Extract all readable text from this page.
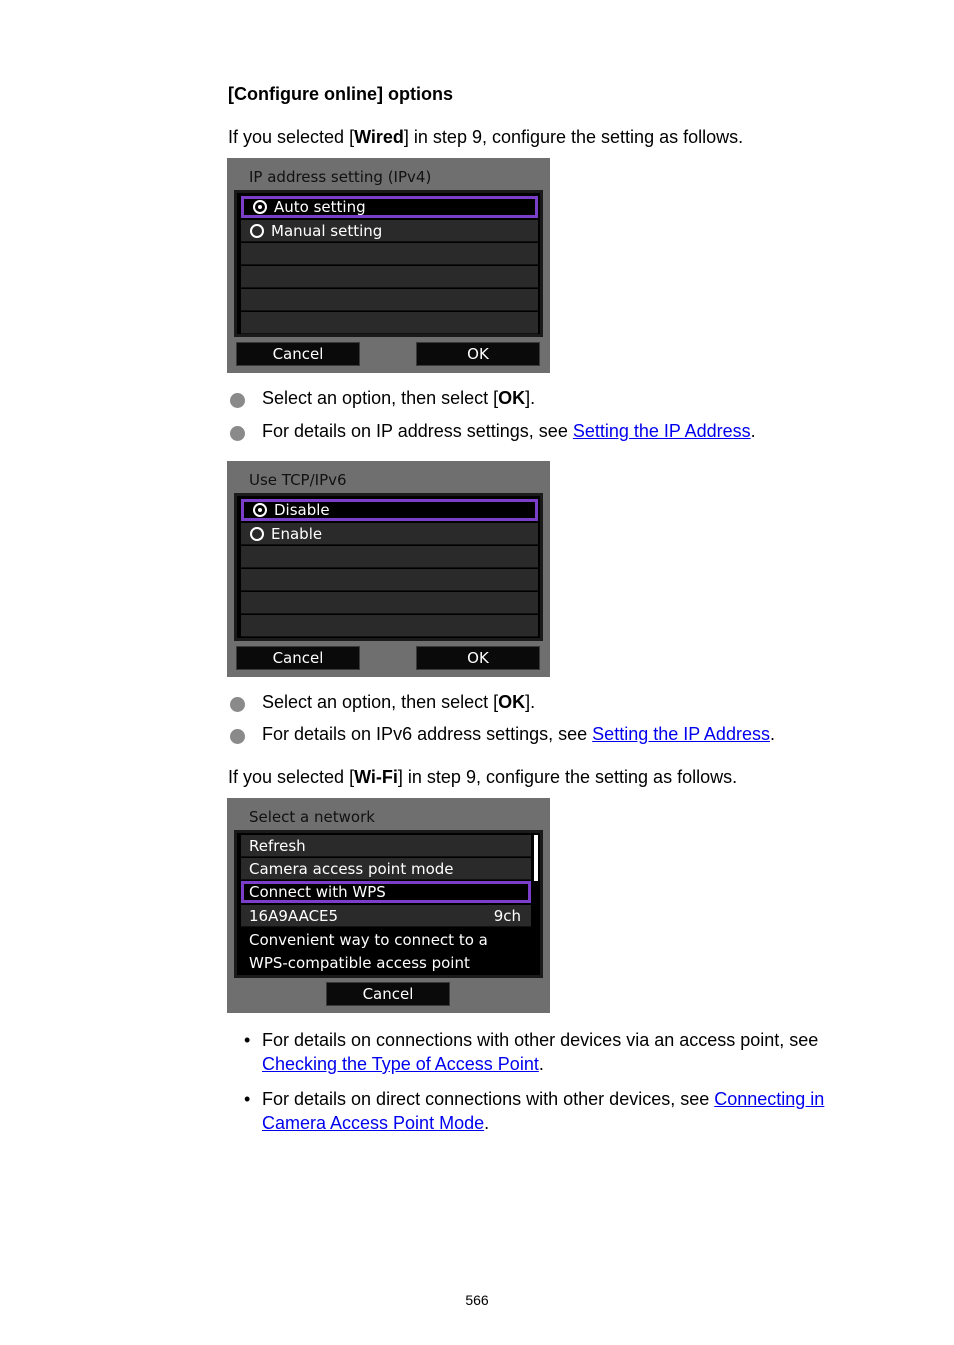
[Configure online] options
If you selected [Wired] in step 9, configure the setting as follows.
IP address setting (IPv4)
Auto setting
Manual setting
Cancel	OK
Select an option, then select [OK].
For details on IP address settings, see Setting the IP Address.
Use TCP/IPv6
Disable
Enable
Cancel	OK
Select an option, then select [OK].
For details on IPv6 address settings, see Setting the IP Address.
If you selected [Wi-Fi] in step 9, configure the setting as follows.
Select a network
Refresh
Camera access point mode
Connect with WPS
16A9AACE5	9ch
Convenient way to connect to a
WPS-compatible access point
Cancel
• For details on connections with other devices via an access point, see Checking the Type of Access Point.
• For details on direct connections with other devices, see Connecting in Camera Access Point Mode.
566
